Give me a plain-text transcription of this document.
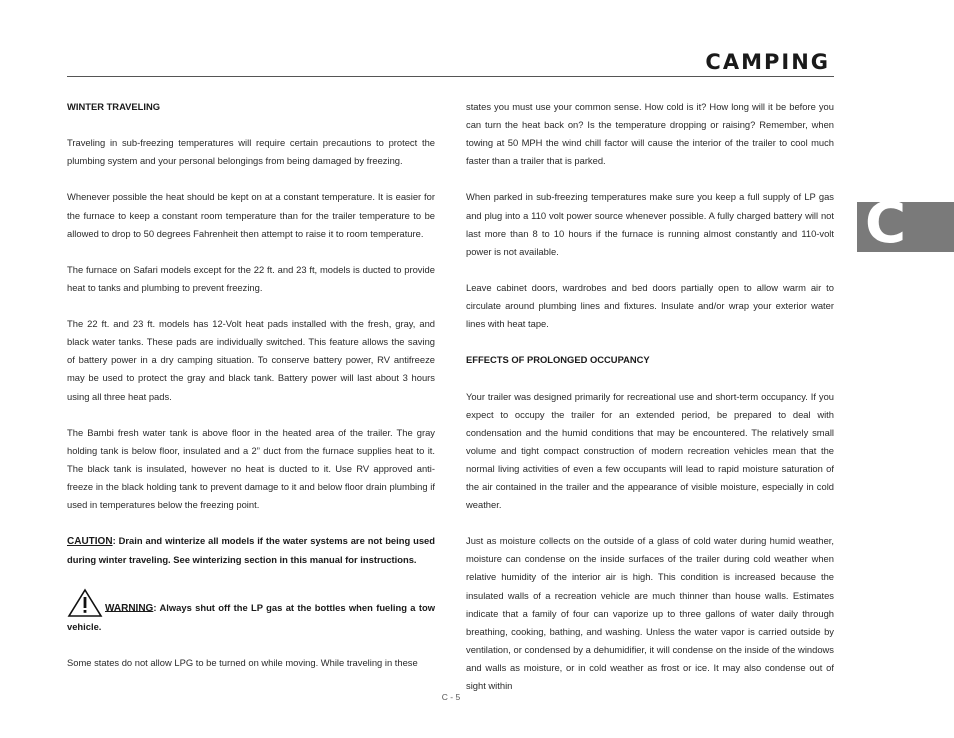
CAMPING
C
WINTER TRAVELING

Traveling in sub-freezing temperatures will require certain precautions to protect the plumbing system and your personal belongings from being damaged by freezing.

Whenever possible the heat should be kept on at a constant temperature. It is easier for the furnace to keep a constant room temperature than for the trailer temperature to be allowed to drop to 50 degrees Fahrenheit then attempt to raise it to room temperature.

The furnace on Safari models except for the 22 ft. and 23 ft, models is ducted to provide heat to tanks and plumbing to prevent freezing.

The 22 ft. and 23 ft. models has 12-Volt heat pads installed with the fresh, gray, and black water tanks. These pads are individually switched. This feature allows the saving of battery power in a dry camping situation. To conserve battery power, RV antifreeze may be used to protect the gray and black tank. Battery power will last about 3 hours using all three heat pads.

The Bambi fresh water tank is above floor in the heated area of the trailer. The gray holding tank is below floor, insulated and a 2” duct from the furnace supplies heat to it. The black tank is insulated, however no heat is ducted to it. Use RV approved anti-freeze in the black holding tank to prevent damage to it and below floor drain plumbing if used in temperatures below the freezing point.

CAUTION: Drain and winterize all models if the water systems are not being used during winter traveling. See winterizing section in this manual for instructions.

WARNING: Always shut off the LP gas at the bottles when fueling a tow vehicle.

Some states do not allow LPG to be turned on while moving. While traveling in these

states you must use your common sense. How cold is it? How long will it be before you can turn the heat back on? Is the temperature dropping or raising? Remember, when towing at 50 MPH the wind chill factor will cause the interior of the trailer to cool much faster than a trailer that is parked.

When parked in sub-freezing temperatures make sure you keep a full supply of LP gas and plug into a 110 volt power source whenever possible. A fully charged battery will not last more than 8 to 10 hours if the furnace is running almost constantly and 110-volt power is not available.

Leave cabinet doors, wardrobes and bed doors partially open to allow warm air to circulate around plumbing lines and fixtures. Insulate and/or wrap your exterior water lines with heat tape.

EFFECTS OF PROLONGED OCCUPANCY

Your trailer was designed primarily for recreational use and short-term occupancy. If you expect to occupy the trailer for an extended period, be prepared to deal with condensation and the humid conditions that may be encountered. The relatively small volume and tight compact construction of modern recreation vehicles mean that the normal living activities of even a few occupants will lead to rapid moisture saturation of the air contained in the trailer and the appearance of visible moisture, especially in cold weather.

Just as moisture collects on the outside of a glass of cold water during humid weather, moisture can condense on the inside surfaces of the trailer during cold weather when relative humidity of the interior air is high. This condition is increased because the insulated walls of a recreation vehicle are much thinner than house walls. Estimates indicate that a family of four can vaporize up to three gallons of water daily through breathing, cooking, bathing, and washing. Unless the water vapor is carried outside by ventilation, or condensed by a dehumidifier, it will condense on the inside of the windows and walls as moisture, or in cold weather as frost or ice. It may also condense out of sight within

C - 5
